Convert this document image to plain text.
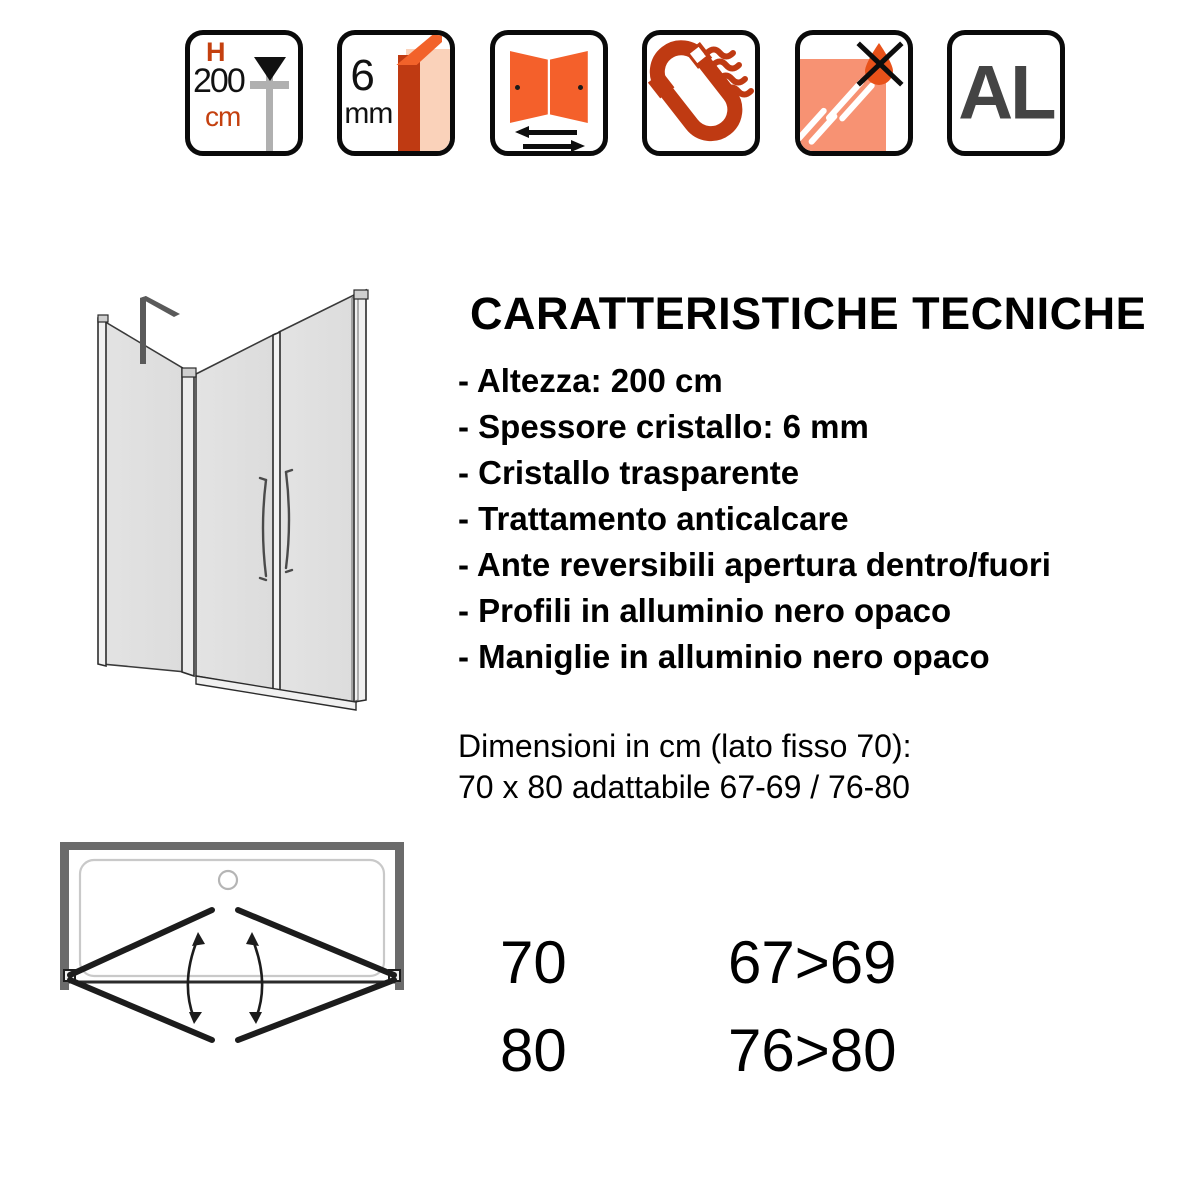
H
200
cm
6
mm	AL
CARATTERISTICHE TECNICHE
- Altezza: 200 cm
- Spessore cristallo: 6 mm
- Cristallo trasparente
- Trattamento anticalcare
- Ante reversibili apertura dentro/fuori
- Profili in alluminio nero opaco
- Maniglie in alluminio nero opaco
Dimensioni in cm (lato fisso 70):
70 x 80 adattabile 67-69 / 76-80
70	67>69
80	76>80
